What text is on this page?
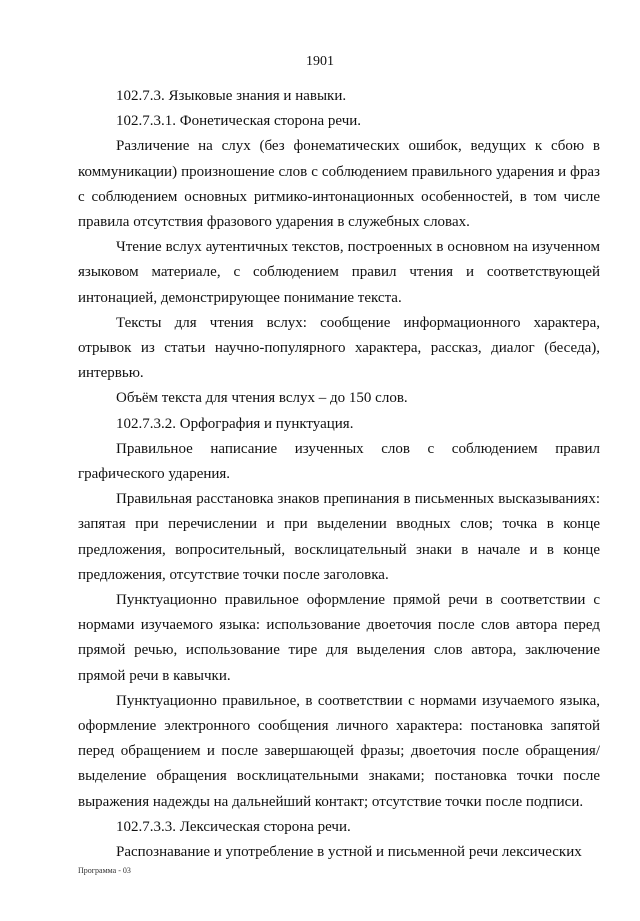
1901

102.7.3. Языковые знания и навыки.

102.7.3.1. Фонетическая сторона речи.

Различение на слух (без фонематических ошибок, ведущих к сбою в коммуникации) произношение слов с соблюдением правильного ударения и фраз с соблюдением основных ритмико-интонационных особенностей, в том числе правила отсутствия фразового ударения в служебных словах.

Чтение вслух аутентичных текстов, построенных в основном на изученном языковом материале, с соблюдением правил чтения и соответствующей интонацией, демонстрирующее понимание текста.

Тексты для чтения вслух: сообщение информационного характера, отрывок из статьи научно-популярного характера, рассказ, диалог (беседа), интервью.

Объём текста для чтения вслух – до 150 слов.

102.7.3.2. Орфография и пунктуация.

Правильное написание изученных слов с соблюдением правил графического ударения.

Правильная расстановка знаков препинания в письменных высказываниях: запятая при перечислении и при выделении вводных слов; точка в конце предложения, вопросительный, восклицательный знаки в начале и в конце предложения, отсутствие точки после заголовка.

Пунктуационно правильное оформление прямой речи в соответствии с нормами изучаемого языка: использование двоеточия после слов автора перед прямой речью, использование тире для выделения слов автора, заключение прямой речи в кавычки.

Пунктуационно правильное, в соответствии с нормами изучаемого языка, оформление электронного сообщения личного характера: постановка запятой перед обращением и после завершающей фразы; двоеточия после обращения/выделение обращения восклицательными знаками; постановка точки после выражения надежды на дальнейший контакт; отсутствие точки после подписи.

102.7.3.3. Лексическая сторона речи.

Распознавание и употребление в устной и письменной речи лексических

Программа - 03
